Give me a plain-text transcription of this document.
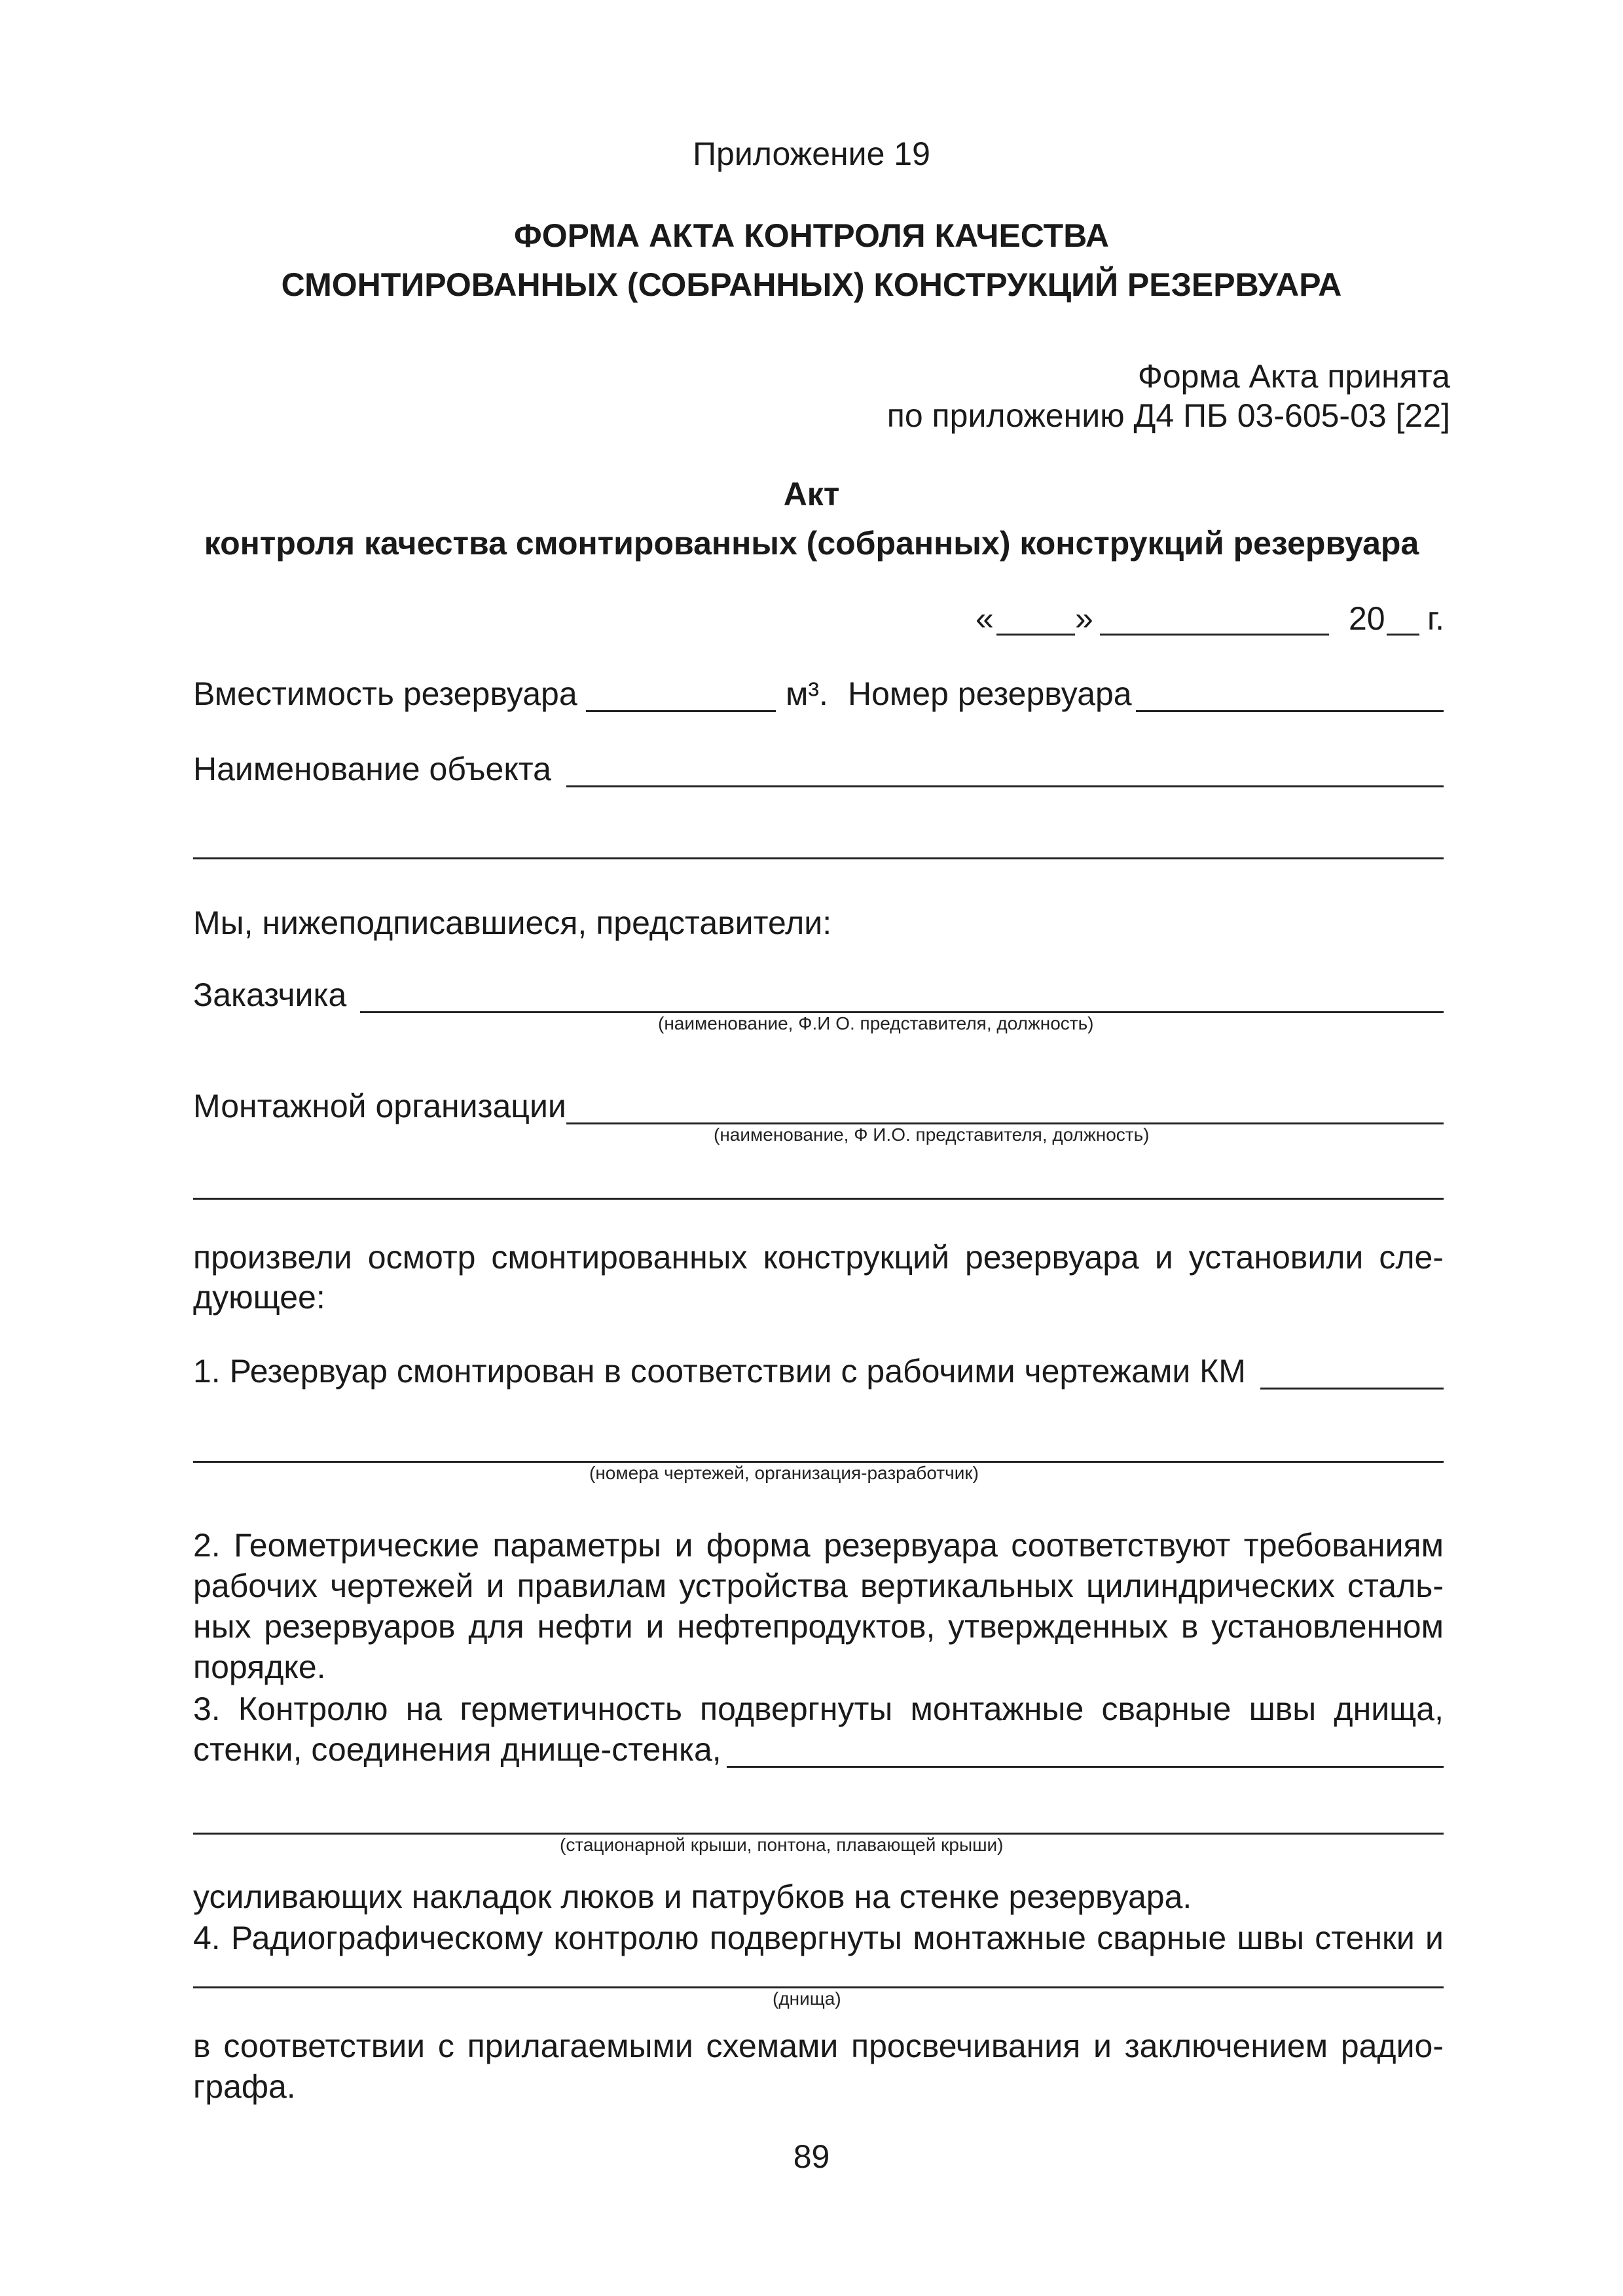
Приложение 19
ФОРМА АКТА КОНТРОЛЯ КАЧЕСТВА
СМОНТИРОВАННЫХ (СОБРАННЫХ) КОНСТРУКЦИЙ РЕЗЕРВУАРА
Форма Акта принята
по приложению Д4 ПБ 03-605-03 [22]
Акт
контроля качества смонтированных (собранных) конструкций резервуара
« »	20 г.
Вместимость резервуара	м³. Номер резервуара
Наименование объекта
Мы, нижеподписавшиеся, представители:
Заказчика
(наименование, Ф.И О. представителя, должность)
Монтажной организации
(наименование, Ф И.О. представителя, должность)
произвели осмотр смонтированных конструкций резервуара и установили сле-
дующее:
1. Резервуар смонтирован в соответствии с рабочими чертежами КМ
(номера чертежей, организация-разработчик)
2. Геометрические параметры и форма резервуара соответствуют требованиям
рабочих чертежей и правилам устройства вертикальных цилиндрических сталь-
ных резервуаров для нефти и нефтепродуктов, утвержденных в установленном
порядке.
3. Контролю на герметичность подвергнуты монтажные сварные швы днища,
стенки, соединения днище-стенка,
(стационарной крыши, понтона, плавающей крыши)
усиливающих накладок люков и патрубков на стенке резервуара.
4. Радиографическому контролю подвергнуты монтажные сварные швы стенки и
(днища)
в соответствии с прилагаемыми схемами просвечивания и заключением радио-
графа.
89
